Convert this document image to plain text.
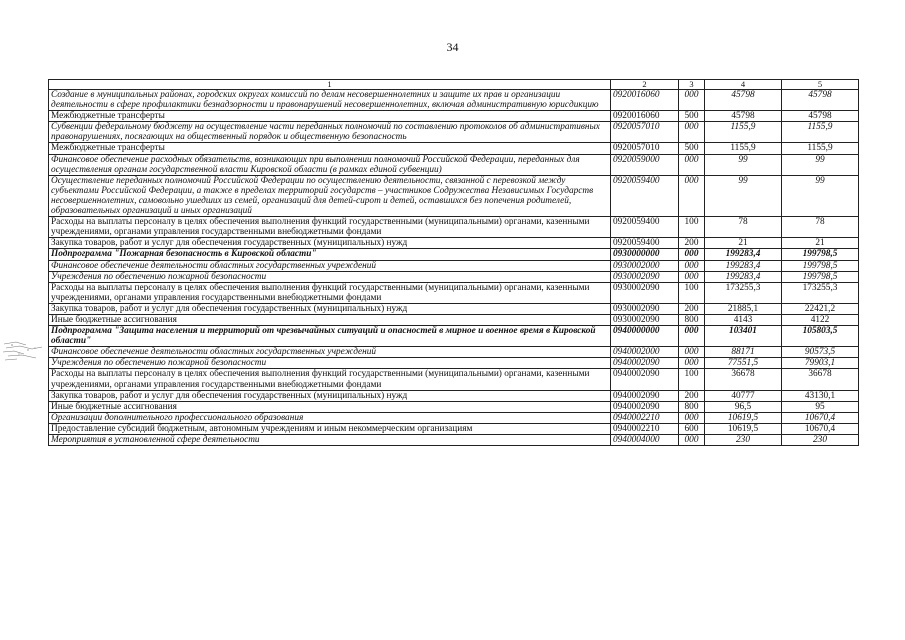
34
1	2	3	4	5
Создание в муниципальных районах, городских округах комиссий по делам несовершеннолетних и защите их прав и организации деятельности в сфере профилактики безнадзорности и правонарушений несовершеннолетних, включая административную юрисдикцию	0920016060	000	45798	45798
Межбюджетные трансферты	0920016060	500	45798	45798
Субвенции федеральному бюджету на осуществление части переданных полномочий по составлению протоколов об административных правонарушениях, посягающих на общественный порядок и общественную безопасность	0920057010	000	1155,9	1155,9
Межбюджетные трансферты	0920057010	500	1155,9	1155,9
Финансовое обеспечение расходных обязательств, возникающих при выполнении полномочий Российской Федерации, переданных для осуществления органам государственной власти Кировской области (в рамках единой субвенции)	0920059000	000	99	99
Осуществление переданных полномочий Российской Федерации по осуществлению деятельности, связанной с перевозкой между субъектами Российской Федерации, а также в пределах территорий государств – участников Содружества Независимых Государств несовершеннолетних, самовольно ушедших из семей, организаций для детей-сирот и детей, оставшихся без попечения родителей, образовательных организаций и иных организаций	0920059400	000	99	99
Расходы на выплаты персоналу в целях обеспечения выполнения функций государственными (муниципальными) органами, казенными учреждениями, органами управления государственными внебюджетными фондами	0920059400	100	78	78
Закупка товаров, работ и услуг для обеспечения государственных (муниципальных) нужд	0920059400	200	21	21
Подпрограмма "Пожарная безопасность в Кировской области"	0930000000	000	199283,4	199798,5
Финансовое обеспечение деятельности областных государственных учреждений	0930002000	000	199283,4	199798,5
Учреждения по обеспечению пожарной безопасности	0930002090	000	199283,4	199798,5
Расходы на выплаты персоналу в целях обеспечения выполнения функций государственными (муниципальными) органами, казенными учреждениями, органами управления государственными внебюджетными фондами	0930002090	100	173255,3	173255,3
Закупка товаров, работ и услуг для обеспечения государственных (муниципальных) нужд	0930002090	200	21885,1	22421,2
Иные бюджетные ассигнования	0930002090	800	4143	4122
Подпрограмма "Защита населения и территорий от чрезвычайных ситуаций и опасностей в мирное и военное время в Кировской области"	0940000000	000	103401	105803,5
Финансовое обеспечение деятельности областных государственных учреждений	0940002000	000	88171	90573,5
Учреждения по обеспечению пожарной безопасности	0940002090	000	77551,5	79903,1
Расходы на выплаты персоналу в целях обеспечения выполнения функций государственными (муниципальными) органами, казенными учреждениями, органами управления государственными внебюджетными фондами	0940002090	100	36678	36678
Закупка товаров, работ и услуг для обеспечения государственных (муниципальных) нужд	0940002090	200	40777	43130,1
Иные бюджетные ассигнования	0940002090	800	96,5	95
Организации дополнительного профессионального образования	0940002210	000	10619,5	10670,4
Предоставление субсидий бюджетным, автономным учреждениям и иным некоммерческим организациям	0940002210	600	10619,5	10670,4
Мероприятия в установленной сфере деятельности	0940004000	000	230	230
